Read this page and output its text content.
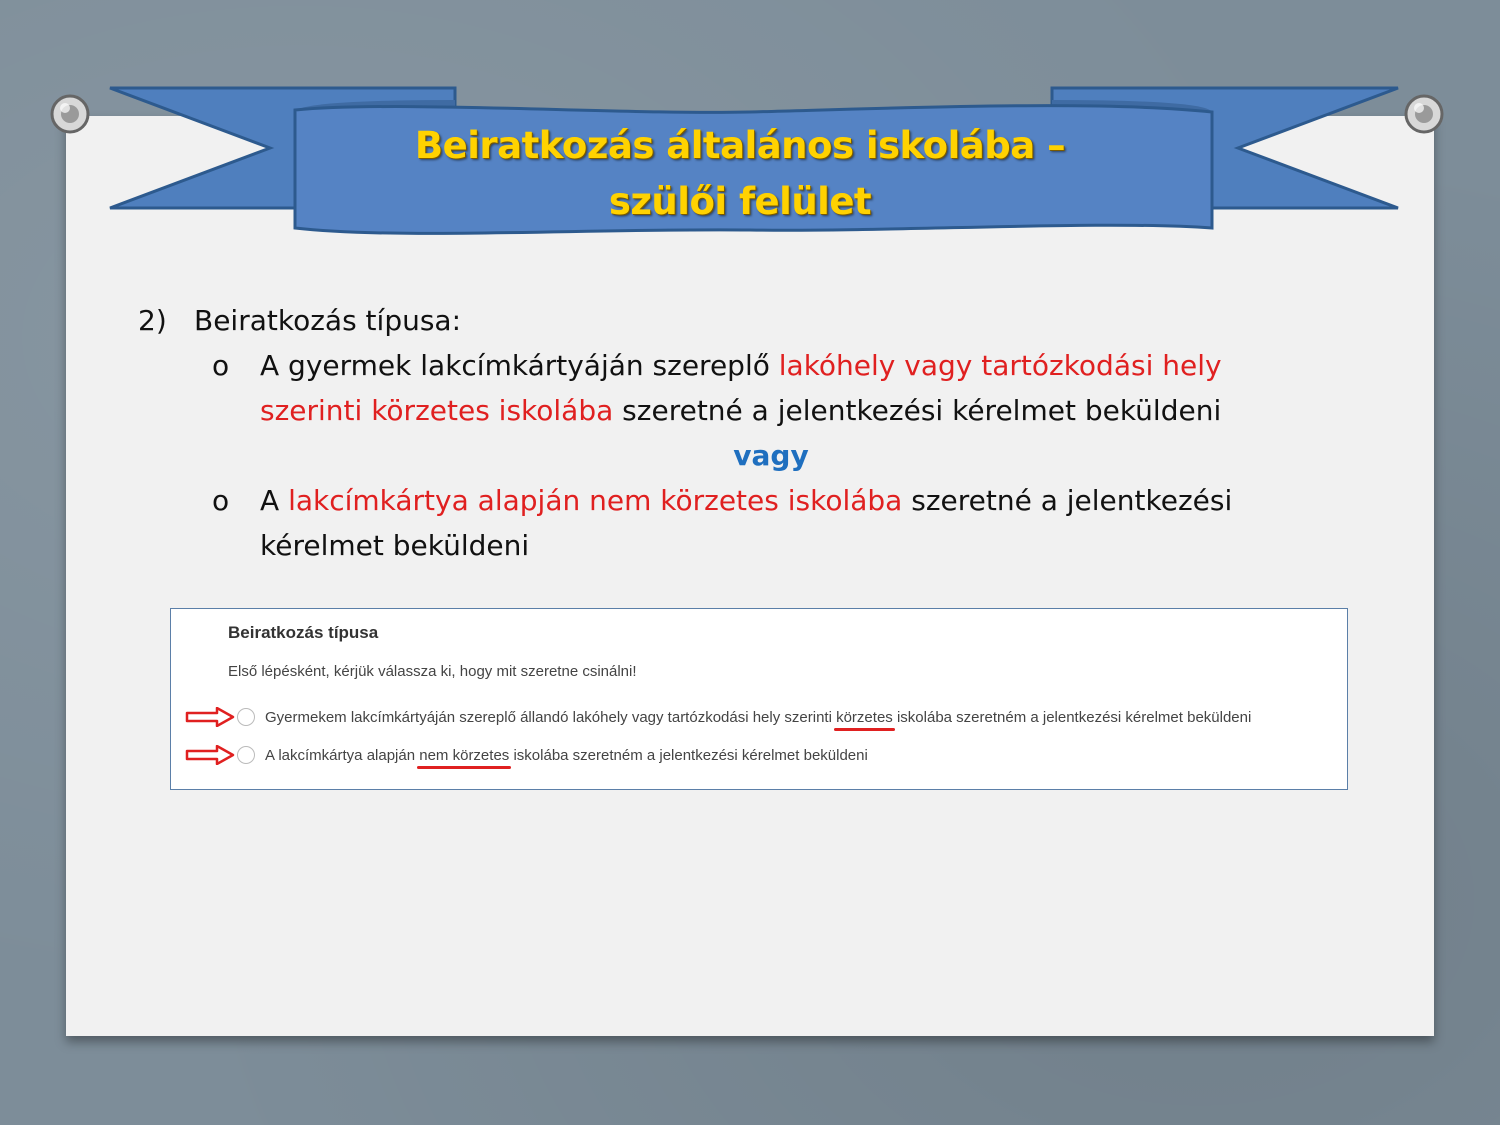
Beiratkozás általános iskolába –
szülői felület
2) Beiratkozás típusa:
o	A gyermek lakcímkártyáján szereplő lakóhely vagy tartózkodási hely szerinti körzetes iskolába szeretné a jelentkezési kérelmet beküldeni
vagy
o	A lakcímkártya alapján nem körzetes iskolába szeretné a jelentkezési kérelmet beküldeni
Beiratkozás típusa
Első lépésként, kérjük válassza ki, hogy mit szeretne csinálni!
Gyermekem lakcímkártyáján szereplő állandó lakóhely vagy tartózkodási hely szerinti körzetes iskolába szeretném a jelentkezési kérelmet beküldeni
A lakcímkártya alapján nem körzetes iskolába szeretném a jelentkezési kérelmet beküldeni
